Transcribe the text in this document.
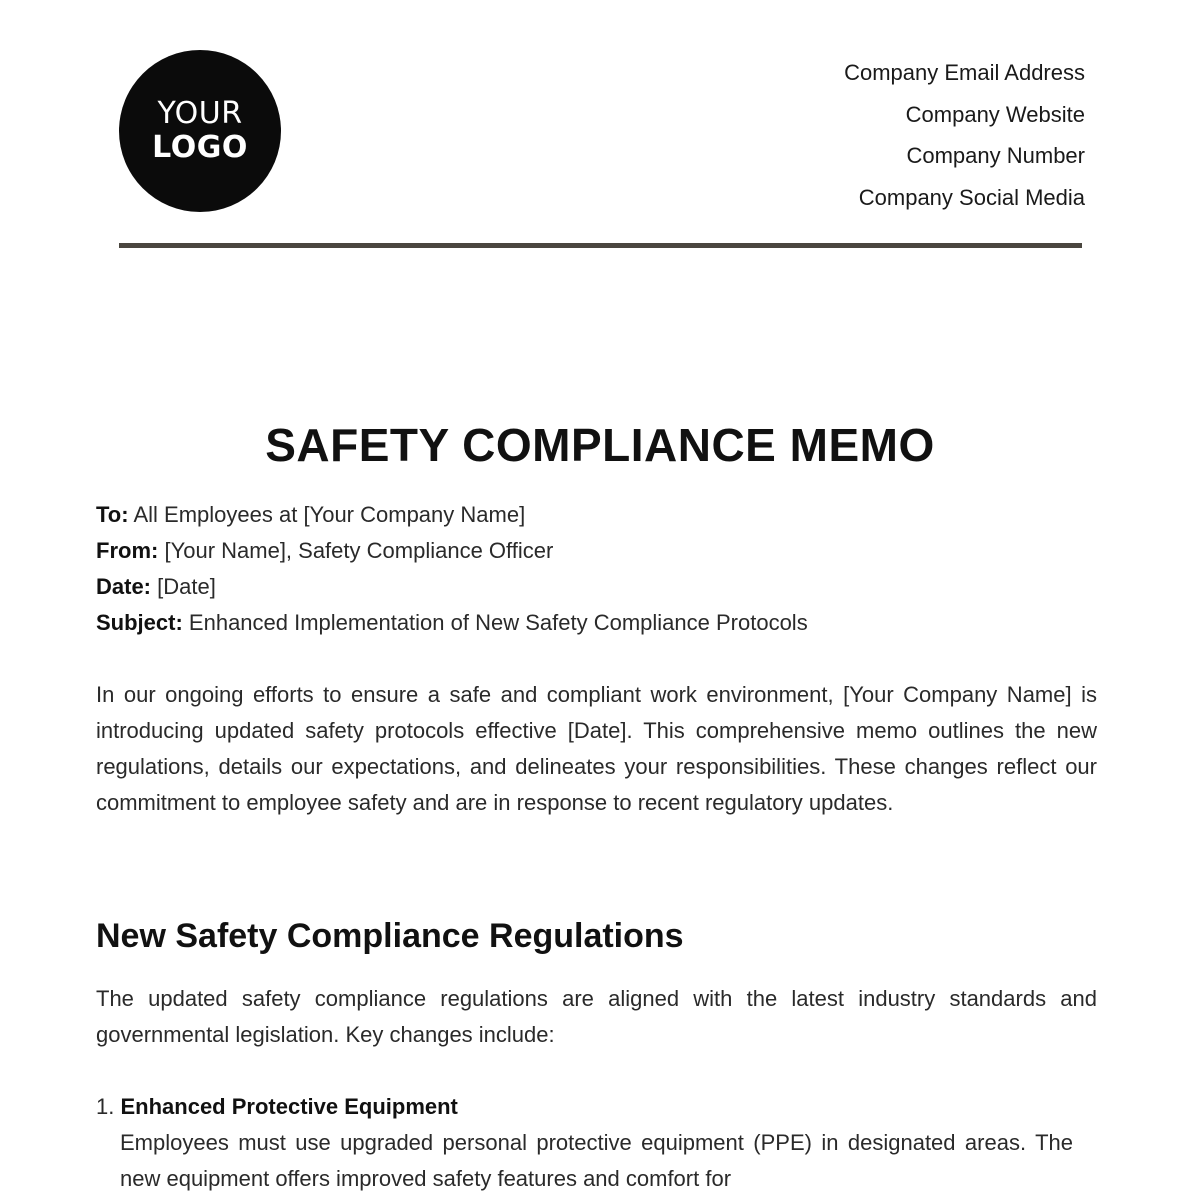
YOUR
LOGO
Company Email Address
Company Website
Company Number
Company Social Media
SAFETY COMPLIANCE MEMO
To: All Employees at [Your Company Name]
From: [Your Name], Safety Compliance Officer
Date: [Date]
Subject: Enhanced Implementation of New Safety Compliance Protocols

In our ongoing efforts to ensure a safe and compliant work environment, [Your Company Name] is introducing updated safety protocols effective [Date]. This comprehensive memo outlines the new regulations, details our expectations, and delineates your responsibilities. These changes reflect our commitment to employee safety and are in response to recent regulatory updates.

New Safety Compliance Regulations

The updated safety compliance regulations are aligned with the latest industry standards and governmental legislation. Key changes include:

1. Enhanced Protective Equipment
Employees must use upgraded personal protective equipment (PPE) in designated areas. The new equipment offers improved safety features and comfort for
